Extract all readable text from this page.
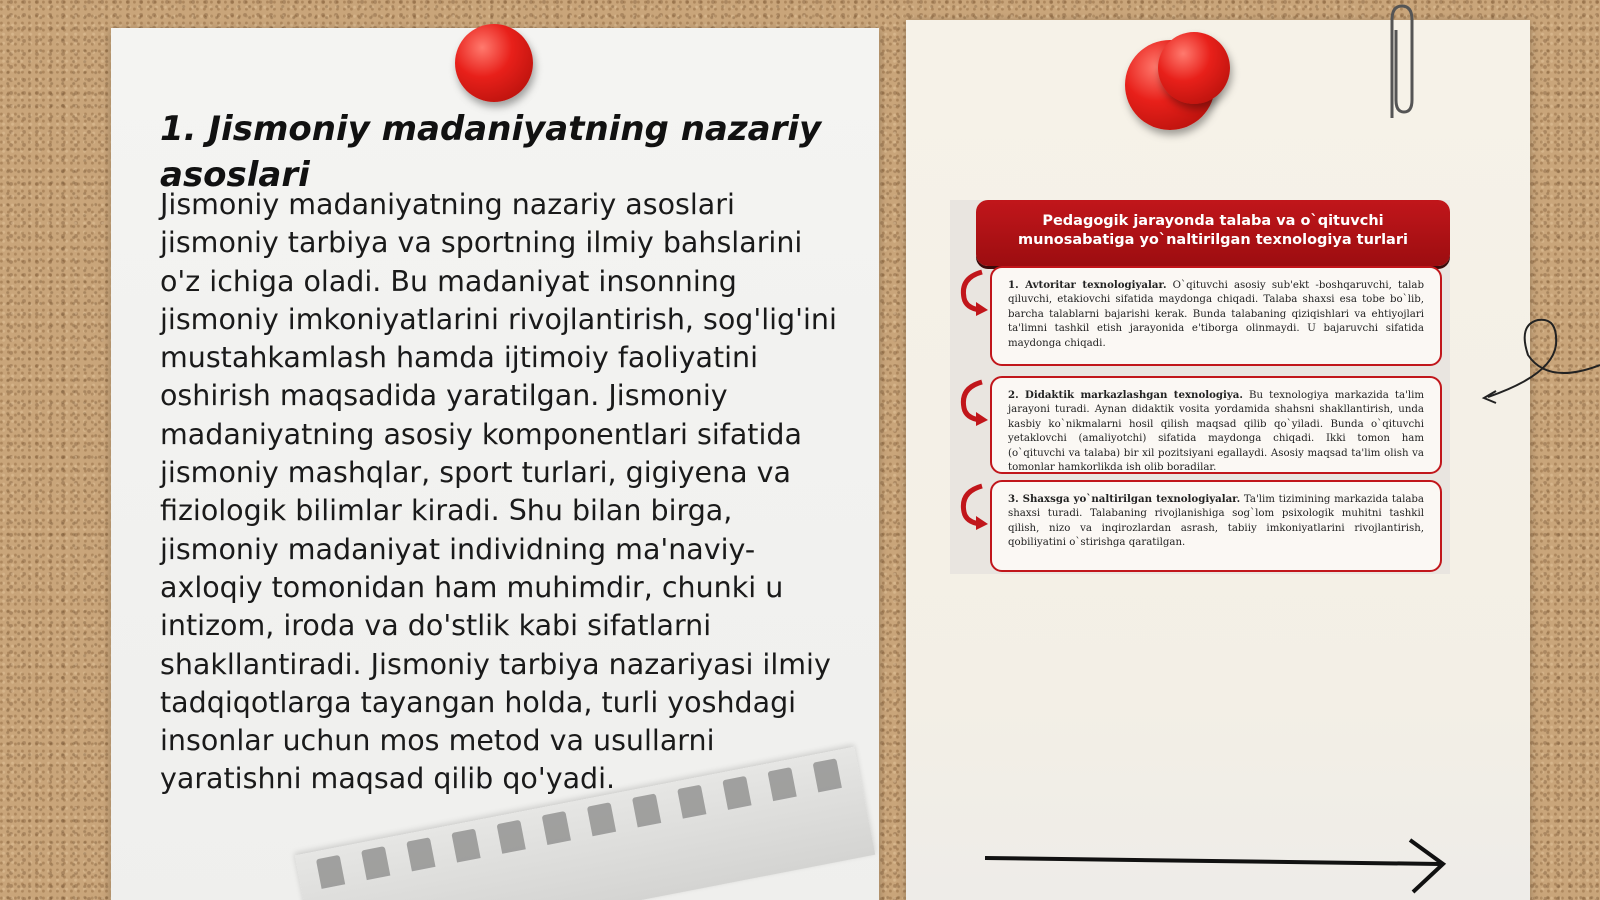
1. Jismoniy madaniyatning nazariy asoslari

Jismoniy madaniyatning nazariy asoslari jismoniy tarbiya va sportning ilmiy bahslarini o'z ichiga oladi. Bu madaniyat insonning jismoniy imkoniyatlarini rivojlantirish, sog'lig'ini mustahkamlash hamda ijtimoiy faoliyatini oshirish maqsadida yaratilgan. Jismoniy madaniyatning asosiy komponentlari sifatida jismoniy mashqlar, sport turlari, gigiyena va fiziologik bilimlar kiradi. Shu bilan birga, jismoniy madaniyat individning ma'naviy-axloqiy tomonidan ham muhimdir, chunki u intizom, iroda va do'stlik kabi sifatlarni shakllantiradi. Jismoniy tarbiya nazariyasi ilmiy tadqiqotlarga tayangan holda, turli yoshdagi insonlar uchun mos metod va usullarni yaratishni maqsad qilib qo'yadi.

Pedagogik jarayonda talaba va o`qituvchi
munosabatiga yo`naltirilgan texnologiya turlari
1. Avtoritar texnologiyalar. O`qituvchi asosiy sub'ekt -boshqaruvchi, talab qiluvchi, etakiovchi sifatida maydonga chiqadi. Talaba shaxsi esa tobe bo`lib, barcha talablarni bajarishi kerak. Bunda talabaning qiziqishlari va ehtiyojlari ta'limni tashkil etish jarayonida e'tiborga olinmaydi. U bajaruvchi sifatida maydonga chiqadi.
2. Didaktik markazlashgan texnologiya. Bu texnologiya markazida ta'lim jarayoni turadi. Aynan didaktik vosita yordamida shahsni shakllantirish, unda kasbiy ko`nikmalarni hosil qilish maqsad qilib qo`yiladi. Bunda o`qituvchi yetaklovchi (amaliyotchi) sifatida maydonga chiqadi. Ikki tomon ham (o`qituvchi va talaba) bir xil pozitsiyani egallaydi. Asosiy maqsad ta'lim olish va tomonlar hamkorlikda ish olib boradilar.
3. Shaxsga yo`naltirilgan texnologiyalar. Ta'lim tizimining markazida talaba shaxsi turadi. Talabaning rivojlanishiga sog`lom psixologik muhitni tashkil qilish, nizo va inqirozlardan asrash, tabiiy imkoniyatlarini rivojlantirish, qobiliyatini o`stirishga qaratilgan.
